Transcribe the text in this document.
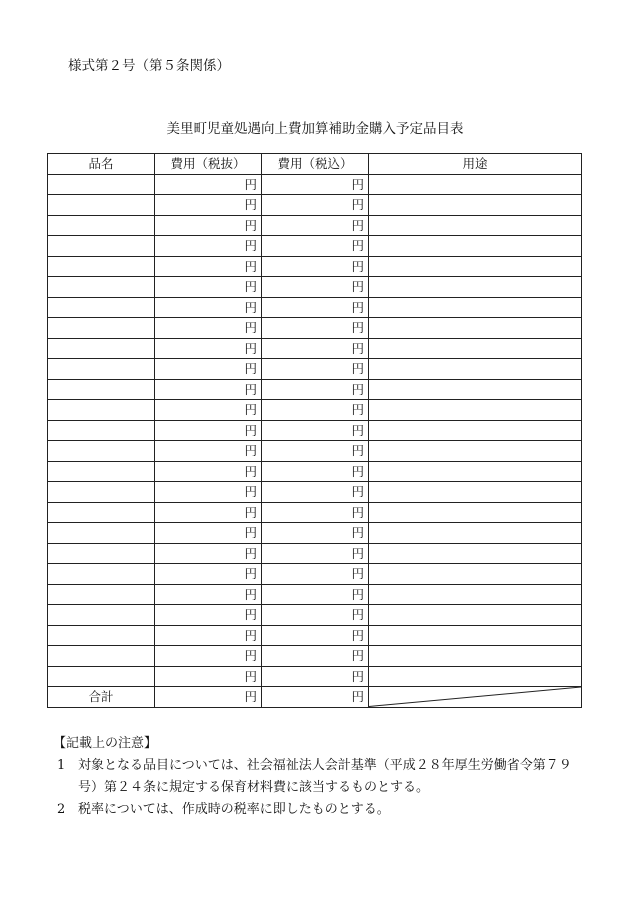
様式第２号（第５条関係）
美里町児童処遇向上費加算補助金購入予定品目表
品名	費用（税抜）	費用（税込）	用途
	円	円	
	円	円	
	円	円	
	円	円	
	円	円	
	円	円	
	円	円	
	円	円	
	円	円	
	円	円	
	円	円	
	円	円	
	円	円	
	円	円	
	円	円	
	円	円	
	円	円	
	円	円	
	円	円	
	円	円	
	円	円	
	円	円	
	円	円	
	円	円	
	円	円	
合計	円	円	
【記載上の注意】
1 対象となる品目については、社会福祉法人会計基準（平成２８年厚生労働省令第７９号）第２４条に規定する保育材料費に該当するものとする。
2 税率については、作成時の税率に即したものとする。
